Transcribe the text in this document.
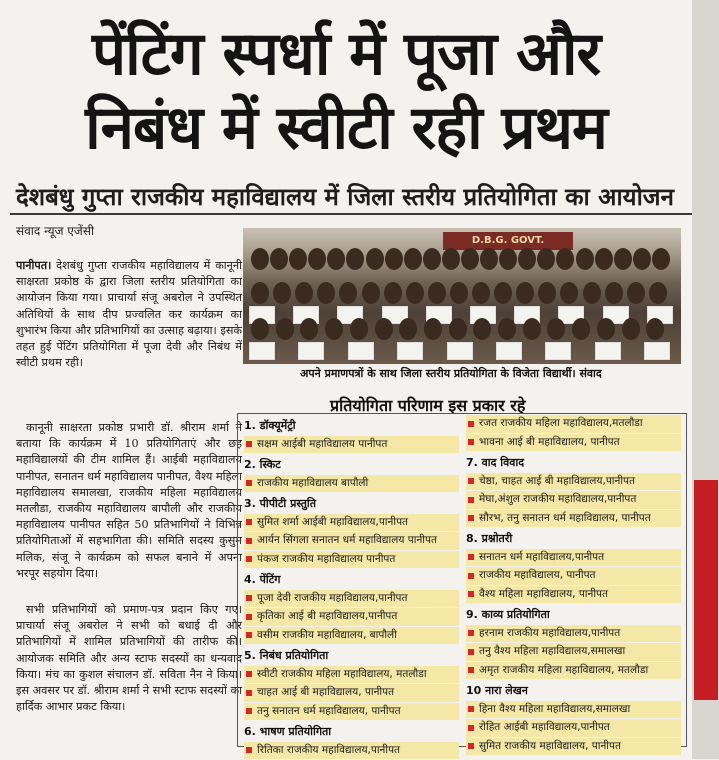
पेंटिंग स्पर्धा में पूजा और
निबंध में स्वीटी रही प्रथम
देशबंधु गुप्ता राजकीय महाविद्यालय में जिला स्तरीय प्रतियोगिता का आयोजन
संवाद न्यूज एजेंसी
पानीपत। देशबंधु गुप्ता राजकीय महाविद्यालय में कानूनी साक्षरता प्रकोष्ठ के द्वारा जिला स्तरीय प्रतियोगिता का आयोजन किया गया। प्राचार्या संजू अबरोल ने उपस्थित अतिथियों के साथ दीप प्रज्वलित कर कार्यक्रम का शुभारंभ किया और प्रतिभागियों का उत्साह बढ़ाया। इसके तहत हुई पेंटिंग प्रतियोगिता में पूजा देवी और निबंध में स्वीटी प्रथम रही।
कानूनी साक्षरता प्रकोष्ठ प्रभारी डॉ. श्रीराम शर्मा ने बताया कि कार्यक्रम में 10 प्रतियोगिताएं और छह महाविद्यालयों की टीम शामिल हैं। आईबी महाविद्यालय पानीपत, सनातन धर्म महाविद्यालय पानीपत, वैश्य महिला महाविद्यालय समालखा, राजकीय महिला महाविद्यालय मतलौडा, राजकीय महाविद्यालय बापौली और राजकीय महाविद्यालय पानीपत सहित 50 प्रतिभागियों ने विभिन्न प्रतियोगिताओं में सहभागिता की। समिति सदस्य कुसुम मलिक, संजू ने कार्यक्रम को सफल बनाने में अपना भरपूर सहयोग दिया।
सभी प्रतिभागियों को प्रमाण-पत्र प्रदान किए गए। प्राचार्या संजू अबरोल ने सभी को बधाई दी और प्रतिभागियों में शामिल प्रतिभागियों की तारीफ की। आयोजक समिति और अन्य स्टाफ सदस्यों का धन्यवाद किया। मंच का कुशल संचालन डॉ. सविता नैन ने किया। इस अवसर पर डॉ. श्रीराम शर्मा ने सभी स्टाफ सदस्यों का हार्दिक आभार प्रकट किया।
D.B.G. GOVT.
अपने प्रमाणपत्रों के साथ जिला स्तरीय प्रतियोगिता के विजेता विद्यार्थी। संवाद
प्रतियोगिता परिणाम इस प्रकार रहे
1. डॉक्यूमेंट्री
सक्षम आईबी महाविद्यालय पानीपत
2. स्किट
राजकीय महाविद्यालय बापौली
3. पीपीटी प्रस्तुति
सुमित शर्मा आईबी महाविद्यालय,पानीपत
आर्यन सिंगला सनातन धर्म महाविद्यालय पानीपत
पंकज राजकीय महाविद्यालय पानीपत
4. पेंटिंग
पूजा देवी राजकीय महाविद्यालय,पानीपत
कृतिका आई बी महाविद्यालय,पानीपत
वसीम राजकीय महाविद्यालय, बापौली
5. निबंध प्रतियोगिता
स्वीटी राजकीय महिला महाविद्यालय, मतलौडा
चाहत आई बी महाविद्यालय, पानीपत
तनु सनातन धर्म महाविद्यालय, पानीपत
6. भाषण प्रतियोगिता
रितिका राजकीय महाविद्यालय,पानीपत
रजत राजकीय महिला महाविद्यालय,मतलौडा
भावना आई बी महाविद्यालय, पानीपत
7. वाद विवाद
चेष्ठा, चाहत आई बी महाविद्यालय,पानीपत
मेघा,अंशुल राजकीय महाविद्यालय,पानीपत
सौरभ, तनु सनातन धर्म महाविद्यालय, पानीपत
8. प्रश्नोतरी
सनातन धर्म महाविद्यालय,पानीपत
राजकीय महाविद्यालय, पानीपत
वैश्य महिला महाविद्यालय, पानीपत
9. काव्य प्रतियोगिता
हरनाम राजकीय महाविद्यालय,पानीपत
तनु वैश्य महिला महाविद्यालय,समालखा
अमृत राजकीय महिला महाविद्यालय, मतलौडा
10 नारा लेखन
हिना वैश्य महिला महाविद्यालय,समालखा
रोहित आईबी महाविद्यालय,पानीपत
सुमित राजकीय महाविद्यालय, पानीपत
